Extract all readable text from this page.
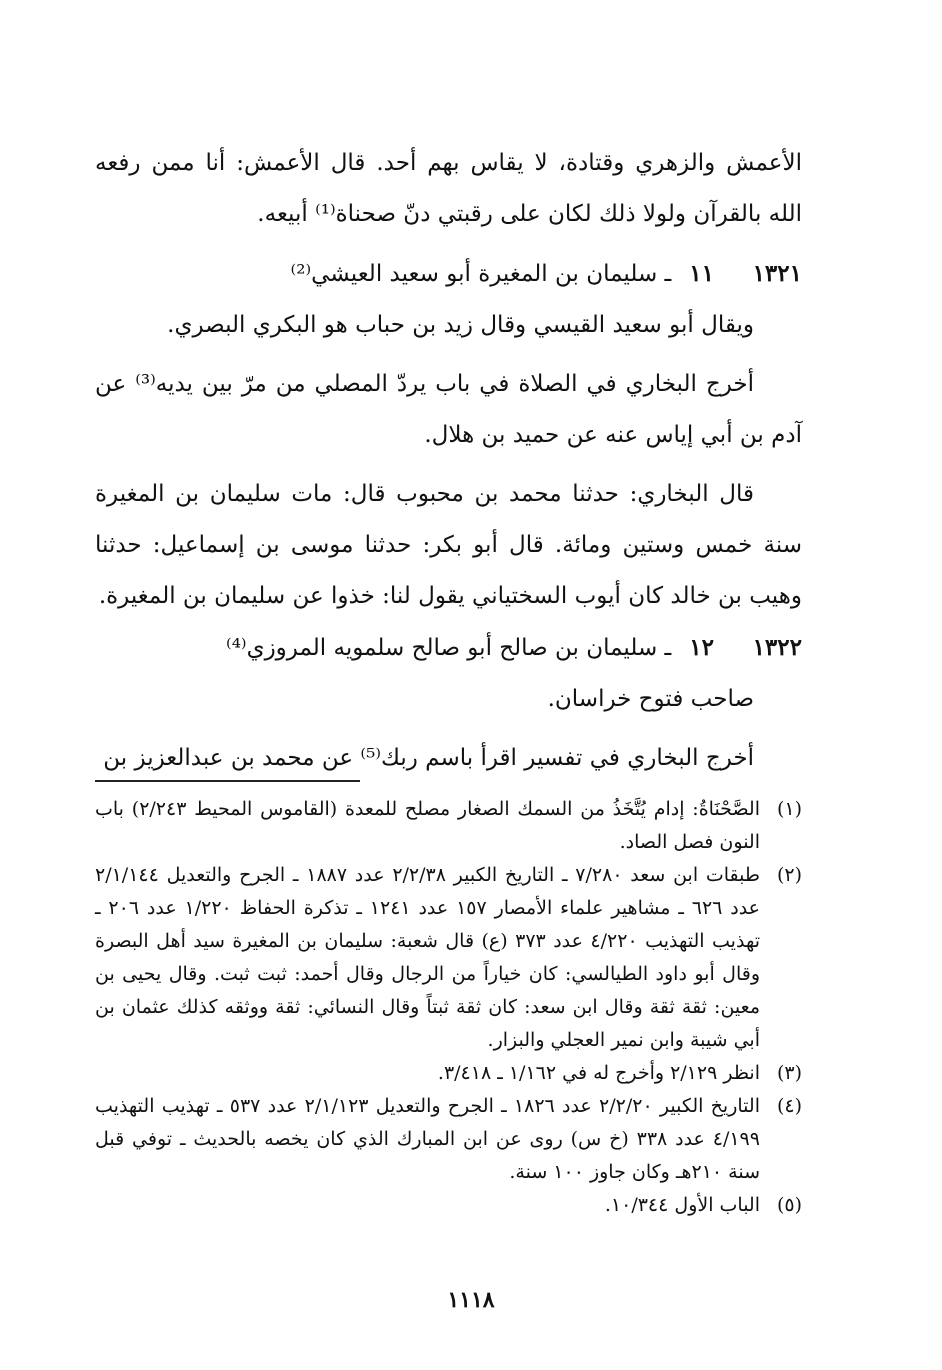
الأعمش والزهري وقتادة، لا يقاس بهم أحد. قال الأعمش: أنا ممن رفعه الله بالقرآن ولولا ذلك لكان على رقبتي دنّ صحناة⁽¹⁾ أبيعه.

١٣٢١
١١
ـ سليمان بن المغيرة أبو سعيد العيشي⁽²⁾

ويقال أبو سعيد القيسي وقال زيد بن حباب هو البكري البصري.

أخرج البخاري في الصلاة في باب يردّ المصلي من مرّ بين يديه⁽³⁾ عن آدم بن أبي إياس عنه عن حميد بن هلال.

قال البخاري: حدثنا محمد بن محبوب قال: مات سليمان بن المغيرة سنة خمس وستين ومائة. قال أبو بكر: حدثنا موسى بن إسماعيل: حدثنا وهيب بن خالد كان أيوب السختياني يقول لنا: خذوا عن سليمان بن المغيرة.

١٣٢٢
١٢
ـ سليمان بن صالح أبو صالح سلمويه المروزي⁽⁴⁾

صاحب فتوح خراسان.

أخرج البخاري في تفسير اقرأ باسم ربك⁽⁵⁾ عن محمد بن عبدالعزيز بن

(١)
الصَّحْنَاةُ: إدام يُتَّخَذُ من السمك الصغار مصلح للمعدة (القاموس المحيط ٢/٢٤٣) باب النون فصل الصاد.
(٢)
طبقات ابن سعد ٧/٢٨٠ ـ التاريخ الكبير ٢/٢/٣٨ عدد ١٨٨٧ ـ الجرح والتعديل ٢/١/١٤٤ عدد ٦٢٦ ـ مشاهير علماء الأمصار ١٥٧ عدد ١٢٤١ ـ تذكرة الحفاظ ١/٢٢٠ عدد ٢٠٦ ـ تهذيب التهذيب ٤/٢٢٠ عدد ٣٧٣ (ع) قال شعبة: سليمان بن المغيرة سيد أهل البصرة وقال أبو داود الطيالسي: كان خياراً من الرجال وقال أحمد: ثبت ثبت. وقال يحيى بن معين: ثقة ثقة وقال ابن سعد: كان ثقة ثبتاً وقال النسائي: ثقة ووثقه كذلك عثمان بن أبي شيبة وابن نمير العجلي والبزار.
(٣)
انظر ٢/١٢٩ وأخرج له في ١/١٦٢ ـ ٣/٤١٨.
(٤)
التاريخ الكبير ٢/٢/٢٠ عدد ١٨٢٦ ـ الجرح والتعديل ٢/١/١٢٣ عدد ٥٣٧ ـ تهذيب التهذيب ٤/١٩٩ عدد ٣٣٨ (خ س) روى عن ابن المبارك الذي كان يخصه بالحديث ـ توفي قبل سنة ٢١٠هـ وكان جاوز ١٠٠ سنة.
(٥)
الباب الأول ١٠/٣٤٤.
١١١٨
